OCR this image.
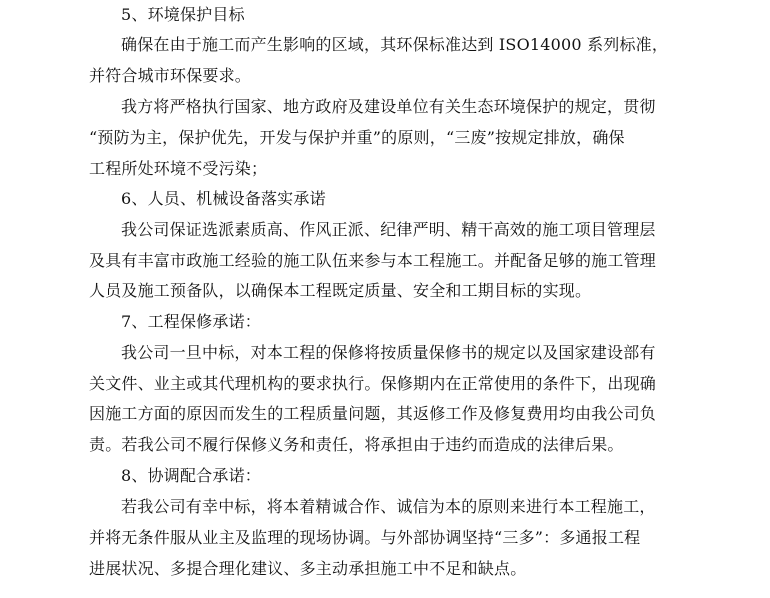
5、环境保护目标
确保在由于施工而产生影响的区域，其环保标准达到 ISO14000 系列标准，
并符合城市环保要求。
我方将严格执行国家、地方政府及建设单位有关生态环境保护的规定，贯彻
“预防为主，保护优先，开发与保护并重”的原则，“三废”按规定排放，确保
工程所处环境不受污染；
6、人员、机械设备落实承诺
我公司保证选派素质高、作风正派、纪律严明、精干高效的施工项目管理层
及具有丰富市政施工经验的施工队伍来参与本工程施工。并配备足够的施工管理
人员及施工预备队，以确保本工程既定质量、安全和工期目标的实现。
7、工程保修承诺：
我公司一旦中标，对本工程的保修将按质量保修书的规定以及国家建设部有
关文件、业主或其代理机构的要求执行。保修期内在正常使用的条件下，出现确
因施工方面的原因而发生的工程质量问题，其返修工作及修复费用均由我公司负
责。若我公司不履行保修义务和责任，将承担由于违约而造成的法律后果。
8、协调配合承诺：
若我公司有幸中标，将本着精诚合作、诚信为本的原则来进行本工程施工，
并将无条件服从业主及监理的现场协调。与外部协调坚持“三多”：多通报工程
进展状况、多提合理化建议、多主动承担施工中不足和缺点。
